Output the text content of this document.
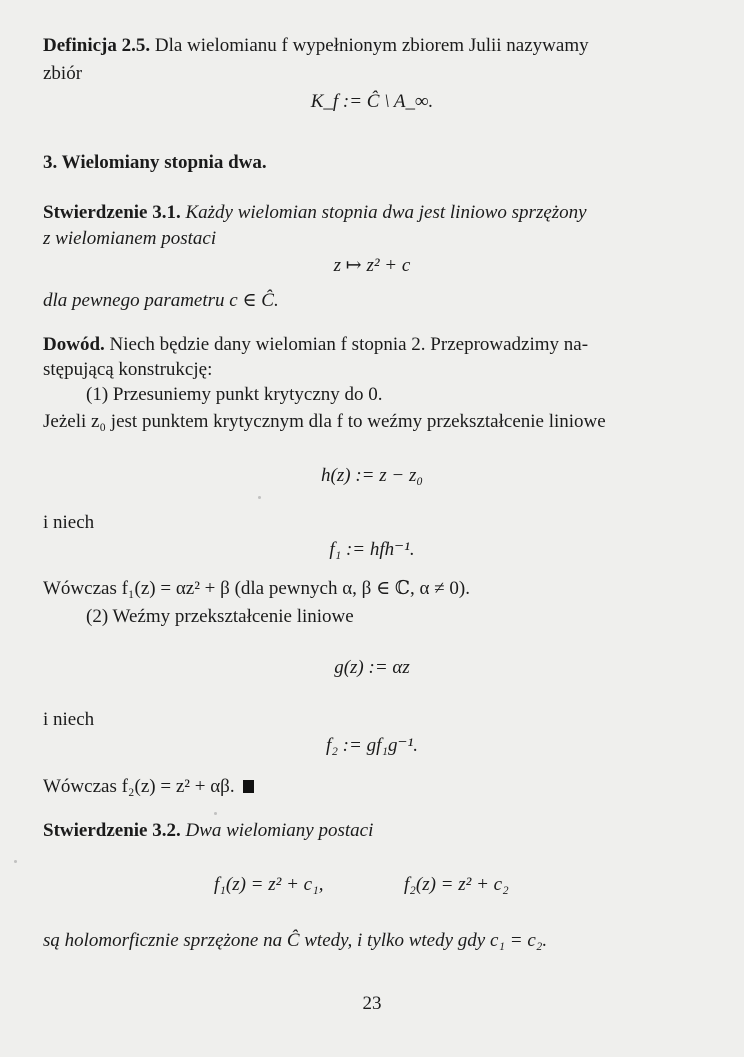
Definicja 2.5. Dla wielomianu f wypełnionym zbiorem Julii nazywamy
zbiór
K_f := Ĉ \ A_∞.
3. Wielomiany stopnia dwa.
Stwierdzenie 3.1. Każdy wielomian stopnia dwa jest liniowo sprzężony
z wielomianem postaci
z ↦ z² + c
dla pewnego parametru c ∈ Ĉ.
Dowód. Niech będzie dany wielomian f stopnia 2. Przeprowadzimy na-
stępującą konstrukcję:
(1) Przesuniemy punkt krytyczny do 0.
Jeżeli z₀ jest punktem krytycznym dla f to weźmy przekształcenie liniowe
h(z) := z − z₀
i niech
f₁ := hfh⁻¹.
Wówczas f₁(z) = αz² + β (dla pewnych α, β ∈ ℂ, α ≠ 0).
(2) Weźmy przekształcenie liniowe
g(z) := αz
i niech
f₂ := gf₁g⁻¹.
Wówczas f₂(z) = z² + αβ.
Stwierdzenie 3.2. Dwa wielomiany postaci
f₁(z) = z² + c₁,	f₂(z) = z² + c₂
są holomorficznie sprzężone na Ĉ wtedy, i tylko wtedy gdy c₁ = c₂.
23
